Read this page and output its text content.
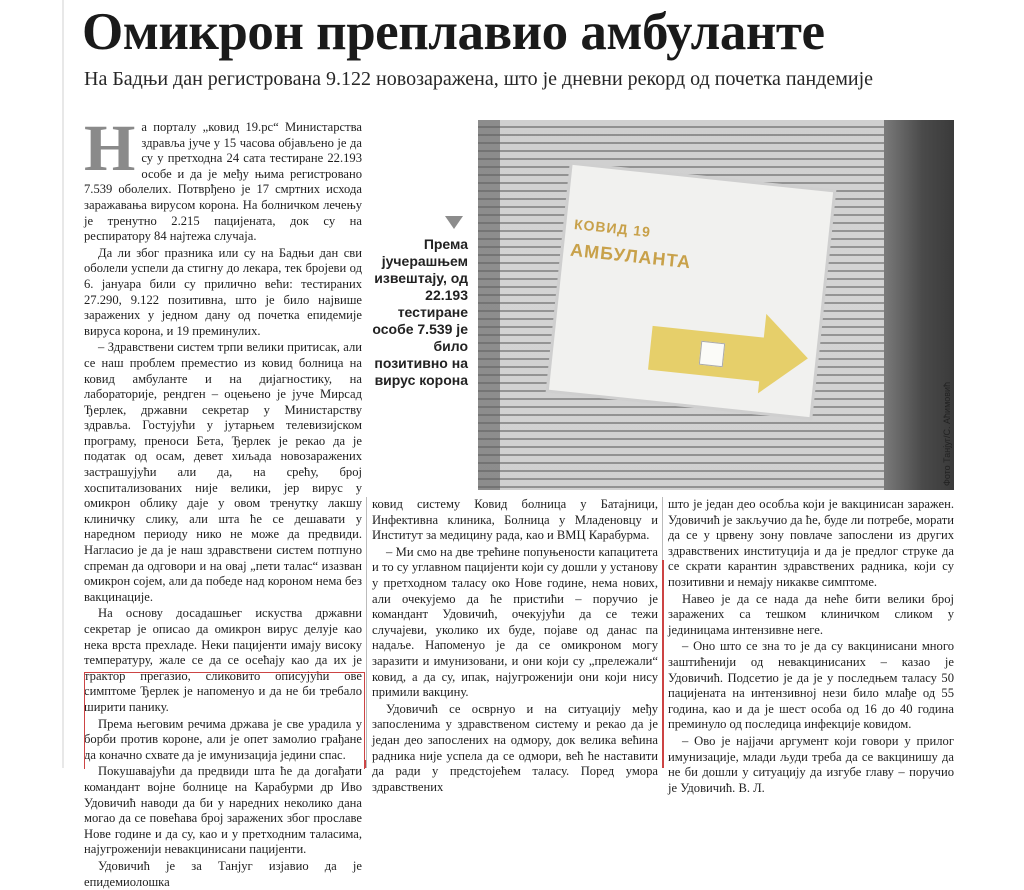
Омикрон преплавио амбуланте
На Бадњи дан регистрована 9.122 новозаражена, што је дневни рекорд од почетка пандемије

На порталу „ковид 19.рс“ Министарства здравља јуче у 15 часова објављено је да су у претходна 24 сата тестиране 22.193 особе и да је међу њима регистровано 7.539 оболелих. Потврђено је 17 смртних исхода заражавања вирусом корона. На болничком лечењу је тренутно 2.215 пацијената, док су на респиратору 84 најтежа случаја.

Да ли због празника или су на Бадњи дан сви оболели успели да стигну до лекара, тек бројеви од 6. јануара били су прилично већи: тестираних 27.290, 9.122 позитивна, што је било највише заражених у једном дану од почетка епидемије вируса корона, и 19 преминулих.

– Здравствени систем трпи велики притисак, али се наш проблем преместио из ковид болница на ковид амбуланте и на дијагностику, на лабораторије, рендген – оцењено је јуче Мирсад Ђерлек, државни секретар у Министарству здравља. Гостујући у јутарњем телевизијском програму, преноси Бета, Ђерлек је рекао да је податак од осам, девет хиљада новозаражених застрашујући али да, на срећу, број хоспитализованих није велики, јер вирус у омикрон облику даје у овом тренутку лакшу клиничку слику, али шта ће се дешавати у наредном периоду нико не може да предвиди. Нагласио је да је наш здравствени систем потпуно спреман да одговори и на овај „пети талас“ изазван омикрон сојем, али да победе над короном нема без вакцинације.

На основу досадашњег искуства државни секретар је описао да омикрон вирус делује као нека врста прехладе. Неки пацијенти имају високу температуру, жале се да се осећају као да их је трактор прегазио, сликовито описујући ове симптоме Ђерлек је напоменуо и да не би требало ширити панику.

Према његовим речима држава је све урадила у борби против короне, али је опет замолио грађане да коначно схвате да је имунизација једини спас.

Покушавајући да предвиди шта ће да догађати командант војне болнице на Карабурми др Иво Удовичић наводи да би у наредних неколико дана могао да се повећава број заражених због прославе Нове године и да су, као и у претходним таласима, најугроженији невакцинисани пацијенти.

Удовичић је за Танјуг изјавио да је епидемиолошка

КОВИД 19
АМБУЛАНТА
Фото Танјуг/С. Аћимовић
Према јучерашњем извештају, од 22.193 тестиране особе 7.539 је било позитивно на вирус корона

ковид систему Ковид болница у Батајници, Инфективна клиника, Болница у Младеновцу и Институт за медицину рада, као и ВМЦ Карабурма.

– Ми смо на две трећине попуњености капацитета и то су углавном пацијенти који су дошли у установу у претходном таласу око Нове године, нема нових, али очекујемо да ће пристићи – поручио је командант Удовичић, очекујући да се тежи случајеви, уколико их буде, појаве од данас па надаље. Напоменуо је да се омикроном могу заразити и имунизовани, и они који су „прележали“ ковид, а да су, ипак, најугроженији они који нису примили вакцину.

Удовичић се осврнуо и на ситуацију међу запосленима у здравственом систему и рекао да је један део запослених на одмору, док велика већина радника није успела да се одмори, већ ће наставити да ради у предстојећем таласу. Поред умора здравствених

што је један део особља који је вакцинисан заражен. Удовичић је закључио да ће, буде ли потребе, морати да се у црвену зону повлаче запослени из других здравствених институција и да је предлог струке да се скрати карантин здравствених радника, који су позитивни и немају никакве симптоме.

Навео је да се нада да неће бити велики број заражених са тешком клиничком сликом у јединицама интензивне неге.

– Оно што се зна то је да су вакцинисани много заштићенији од невакцинисаних – казао је Удовичић. Подсетио је да је у последњем таласу 50 пацијената на интензивној нези било млађе од 55 година, као и да је шест особа од 16 до 40 година преминуло од последица инфекције ковидом.

– Ово је најјачи аргумент који говори у прилог имунизације, млади људи треба да се вакцинишу да не би дошли у ситуацију да изгубе главу – поручио је Удовичић. В. Л.
